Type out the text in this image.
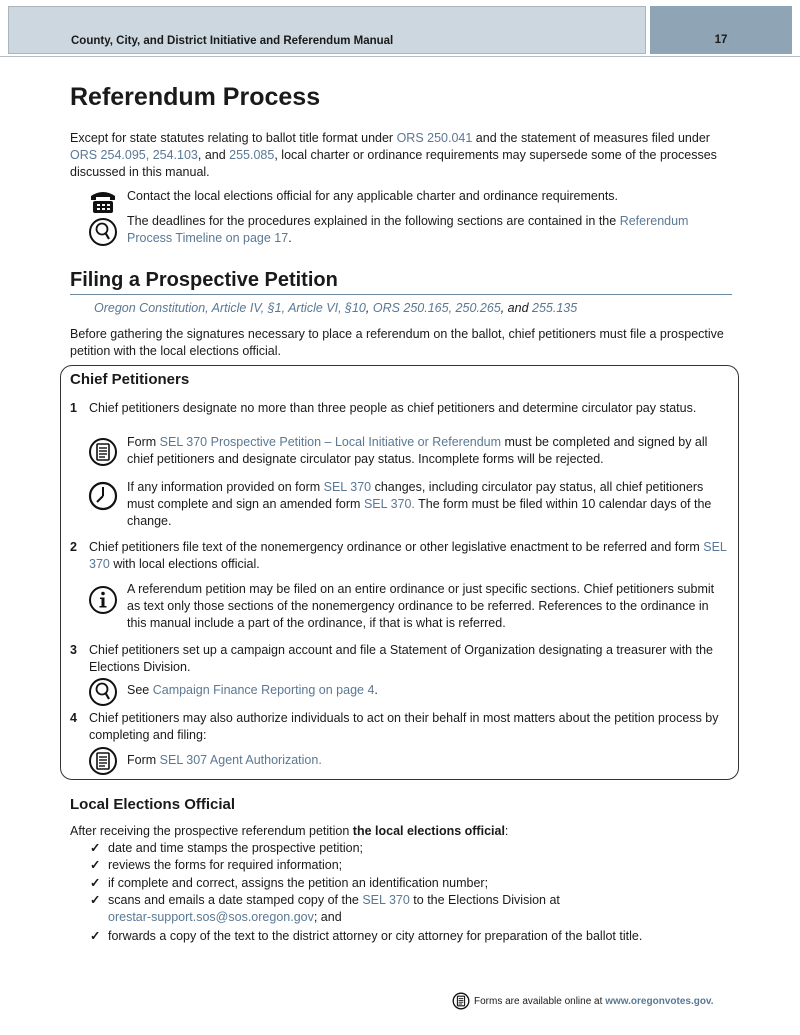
County, City, and District Initiative and Referendum Manual	17
Referendum Process

Except for state statutes relating to ballot title format under ORS 250.041 and the statement of measures filed under ORS 254.095, 254.103, and 255.085, local charter or ordinance requirements may supersede some of the processes discussed in this manual.

Contact the local elections official for any applicable charter and ordinance requirements.
The deadlines for the procedures explained in the following sections are contained in the Referendum Process Timeline on page 17.
Filing a Prospective Petition
Oregon Constitution, Article IV, §1, Article VI, §10, ORS 250.165, 250.265, and 255.135

Before gathering the signatures necessary to place a referendum on the ballot, chief petitioners must file a prospective petition with the local elections official.

Chief Petitioners
1 Chief petitioners designate no more than three people as chief petitioners and determine circulator pay status.
Form SEL 370 Prospective Petition – Local Initiative or Referendum must be completed and signed by all chief petitioners and designate circulator pay status. Incomplete forms will be rejected.
If any information provided on form SEL 370 changes, including circulator pay status, all chief petitioners must complete and sign an amended form SEL 370. The form must be filed within 10 calendar days of the change.
2 Chief petitioners file text of the nonemergency ordinance or other legislative enactment to be referred and form SEL 370 with local elections official.
A referendum petition may be filed on an entire ordinance or just specific sections. Chief petitioners submit as text only those sections of the nonemergency ordinance to be referred. References to the ordinance in this manual include a part of the ordinance, if that is what is referred.
3 Chief petitioners set up a campaign account and file a Statement of Organization designating a treasurer with the Elections Division.
See Campaign Finance Reporting on page 4.
4 Chief petitioners may also authorize individuals to act on their behalf in most matters about the petition process by completing and filing:
Form SEL 307 Agent Authorization.
Local Elections Official

After receiving the prospective referendum petition the local elections official:

✓ date and time stamps the prospective petition;
✓ reviews the forms for required information;
✓ if complete and correct, assigns the petition an identification number;
✓ scans and emails a date stamped copy of the SEL 370 to the Elections Division at
orestar-support.sos@sos.oregon.gov; and
✓ forwards a copy of the text to the district attorney or city attorney for preparation of the ballot title.
Forms are available online at www.oregonvotes.gov.
